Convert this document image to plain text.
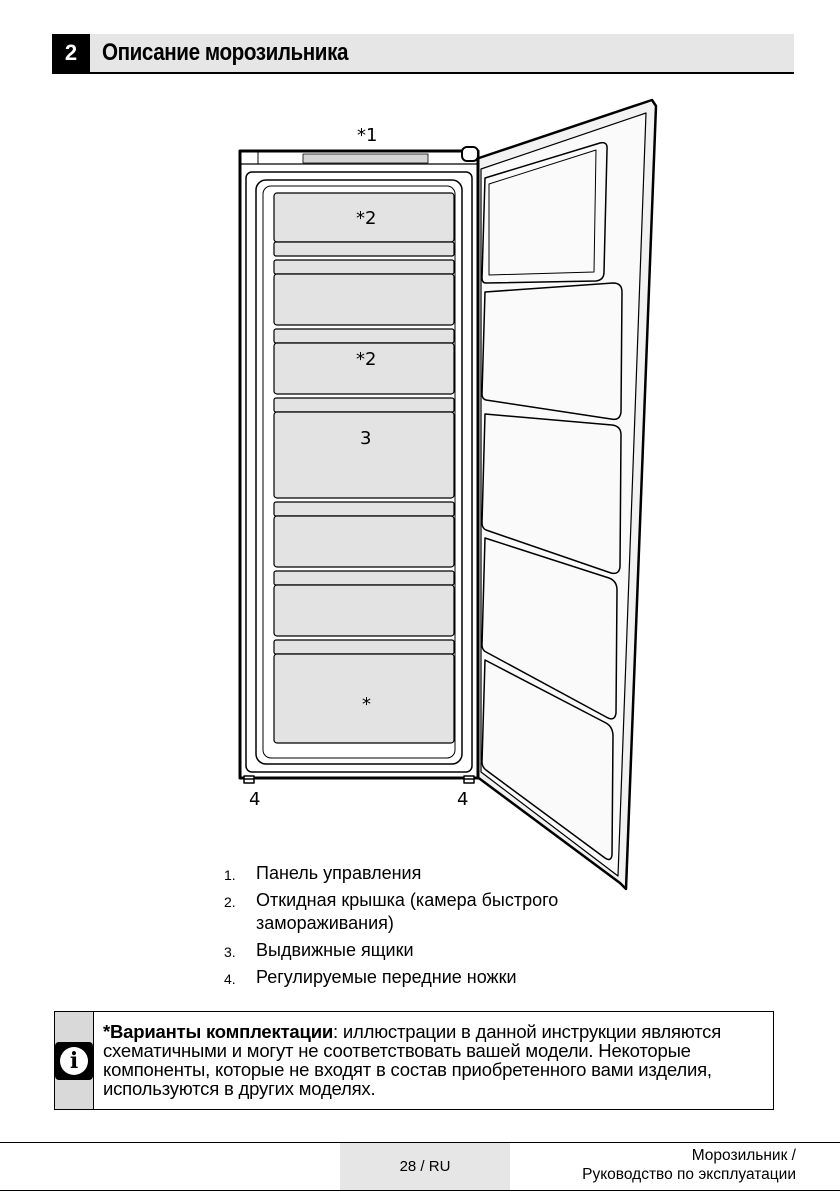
2	Описание морозильника
*1
*2
*2
3
*
4	4
1. Панель управления
2. Откидная крышка (камера быстрого замораживания)
3. Выдвижные ящики
4. Регулируемые передние ножки
i
*Варианты комплектации: иллюстрации в данной инструкции являются схематичными и могут не соответствовать вашей модели. Некоторые компоненты, которые не входят в состав приобретенного вами изделия, используются в других моделях.
28 / RU
Морозильник /
Руководство по эксплуатации
